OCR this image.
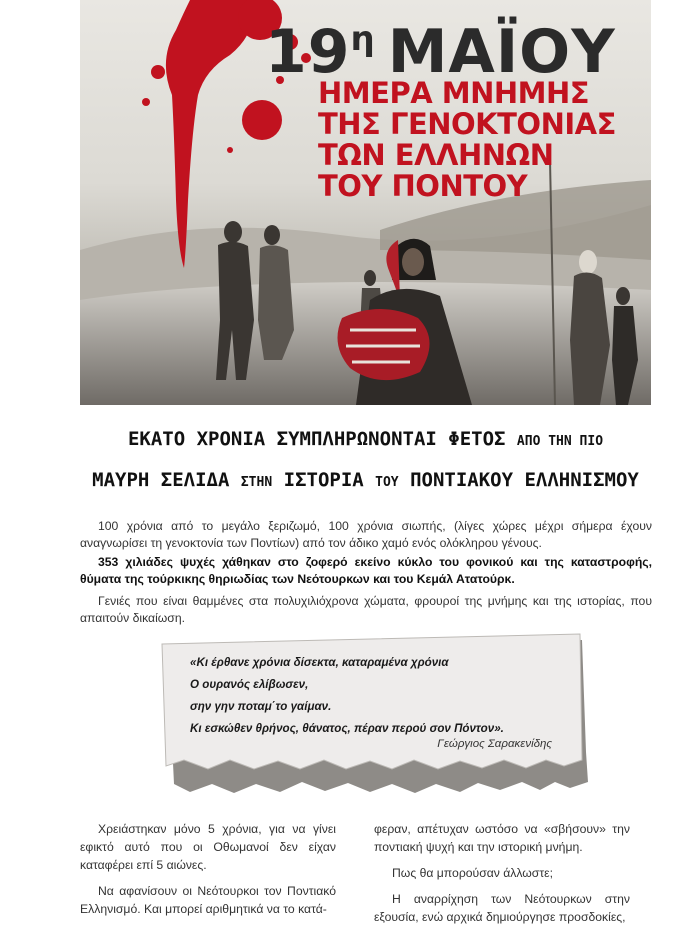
$19^\eta$ ΜΑΪΟΥ
ΗΜΕΡΑ ΜΝΗΜΗΣ
ΤΗΣ ΓΕΝΟΚΤΟΝΙΑΣ
ΤΩΝ ΕΛΛΗΝΩΝ
ΤΟΥ ΠΟΝΤΟΥ
ΕΚΑΤΟ ΧΡΟΝΙΑ ΣΥΜΠΛΗΡΩΝΟΝΤΑΙ ΦΕΤΟΣ ΑΠΟ ΤΗΝ ΠΙΟ
ΜΑΥΡΗ ΣΕΛΙΔΑ ΣΤΗΝ ΙΣΤΟΡΙΑ ΤΟΥ ΠΟΝΤΙΑΚΟΥ ΕΛΛΗΝΙΣΜΟΥ
100 χρόνια από το μεγάλο ξεριζωμό, 100 χρόνια σιωπής, (λίγες χώρες μέχρι σήμερα έχουν αναγνωρίσει τη γενοκτονία των Ποντίων) από τον άδικο χαμό ενός ολόκληρου γένους.
353 χιλιάδες ψυχές χάθηκαν στο ζοφερό εκείνο κύκλο του φονικού και της καταστροφής, θύματα της τούρκικης θηριωδίας των Νεότουρκων και του Κεμάλ Ατατούρκ.
Γενιές που είναι θαμμένες στα πολυχιλιόχρονα χώματα, φρουροί της μνήμης και της ιστορίας, που απαιτούν δικαίωση.
«Κι έρθανε χρόνια δίσεκτα, καταραμένα χρόνια
Ο ουρανός ελίβωσεν,
σην γην ποταμ΄το γαίμαν.
Κι εσκώθεν θρήνος, θάνατος, πέραν περού σον Πόντον».
Γεώργιος Σαρακενίδης

Χρειάστηκαν μόνο 5 χρόνια, για να γίνει εφικτό αυτό που οι Οθωμανοί δεν είχαν καταφέρει επί 5 αιώνες.

Να αφανίσουν οι Νεότουρκοι τον Ποντιακό Ελληνισμό. Και μπορεί αριθμητικά να το κατά-

φεραν, απέτυχαν ωστόσο να «σβήσουν» την ποντιακή ψυχή και την ιστορική μνήμη.

Πως θα μπορούσαν άλλωστε;

Η αναρρίχηση των Νεότουρκων στην εξουσία, ενώ αρχικά δημιούργησε προσδοκίες,
